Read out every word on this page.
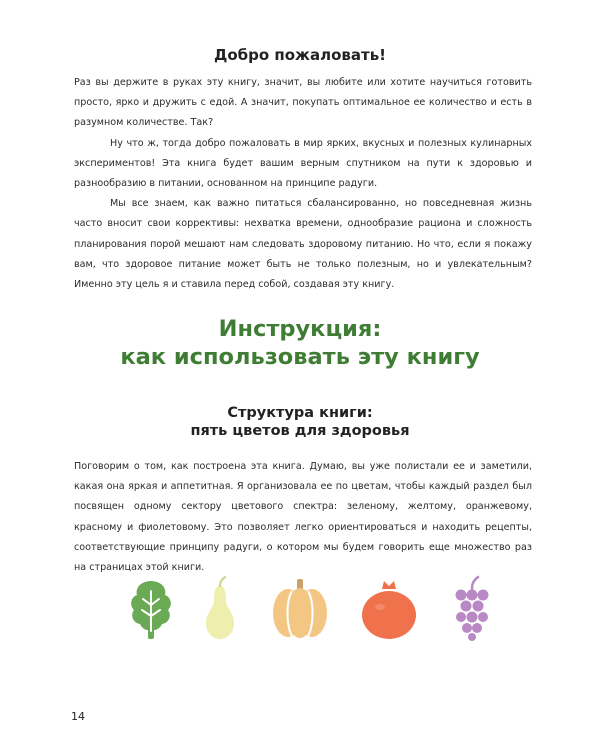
Добро пожаловать!

Раз вы держите в руках эту книгу, значит, вы любите или хотите научиться готовить просто, ярко и дружить с едой. А значит, покупать оптимальное ее количество и есть в разумном количестве. Так?

Ну что ж, тогда добро пожаловать в мир ярких, вкусных и полезных кулинарных экспериментов! Эта книга будет вашим верным спутником на пути к здоровью и разнообразию в питании, основанном на принципе радуги.

Мы все знаем, как важно питаться сбалансированно, но повседневная жизнь часто вносит свои коррективы: нехватка времени, однообразие рациона и сложность планирования порой мешают нам следовать здоровому питанию. Но что, если я покажу вам, что здоровое питание может быть не только полезным, но и увлекательным? Именно эту цель я и ставила перед собой, создавая эту книгу.

Инструкция:
как использовать эту книгу
Структура книги:
пять цветов для здоровья

Поговорим о том, как построена эта книга. Думаю, вы уже полистали ее и заметили, какая она яркая и аппетитная. Я организовала ее по цветам, чтобы каждый раздел был посвящен одному сектору цветового спектра: зеленому, желтому, оранжевому, красному и фиолетовому. Это позволяет легко ориентироваться и находить рецепты, соответствующие принципу радуги, о котором мы будем говорить еще множество раз на страницах этой книги.

14
